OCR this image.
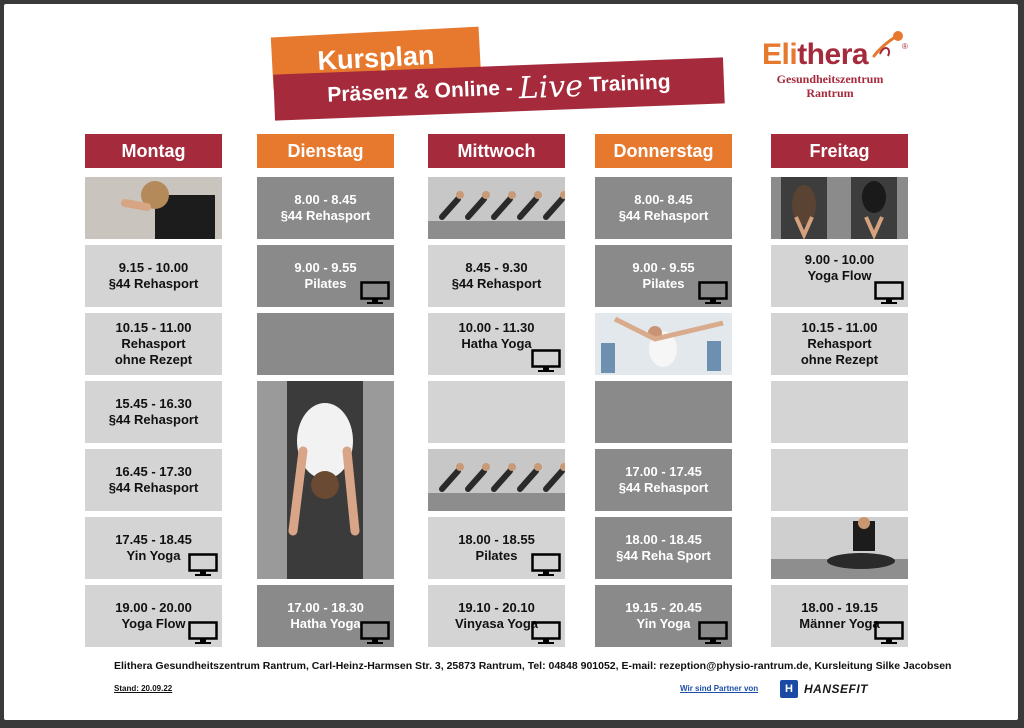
Kursplan
Präsenz & Online - Live Training
Elithera	®
Gesundheitszentrum
Rantrum
Montag
9.15 - 10.00
§44 Rehasport
10.15 - 11.00
Rehasport
ohne Rezept
15.45 - 16.30
§44 Rehasport
16.45 - 17.30
§44 Rehasport
17.45 - 18.45
Yin Yoga
19.00 - 20.00
Yoga Flow
Dienstag
8.00 - 8.45
§44 Rehasport
9.00 - 9.55
Pilates
17.00 - 18.30
Hatha Yoga
Mittwoch
8.45 - 9.30
§44 Rehasport
10.00 - 11.30
Hatha Yoga

18.00 - 18.55
Pilates
19.10 - 20.10
Vinyasa Yoga
Donnerstag
8.00- 8.45
§44 Rehasport
9.00 - 9.55
Pilates
17.00 - 17.45
§44 Rehasport
18.00 - 18.45
§44 Reha Sport
19.15 - 20.45
Yin Yoga
Freitag
9.00 - 10.00
Yoga Flow

10.15 - 11.00
Rehasport
ohne Rezept
18.00 - 19.15
Männer Yoga
Elithera Gesundheitszentrum Rantrum, Carl-Heinz-Harmsen Str. 3, 25873 Rantrum, Tel: 04848 901052, E-mail: rezeption@physio-rantrum.de, Kursleitung Silke Jacobsen
Stand: 20.09.22	Wir sind Partner von	H HANSEFIT
